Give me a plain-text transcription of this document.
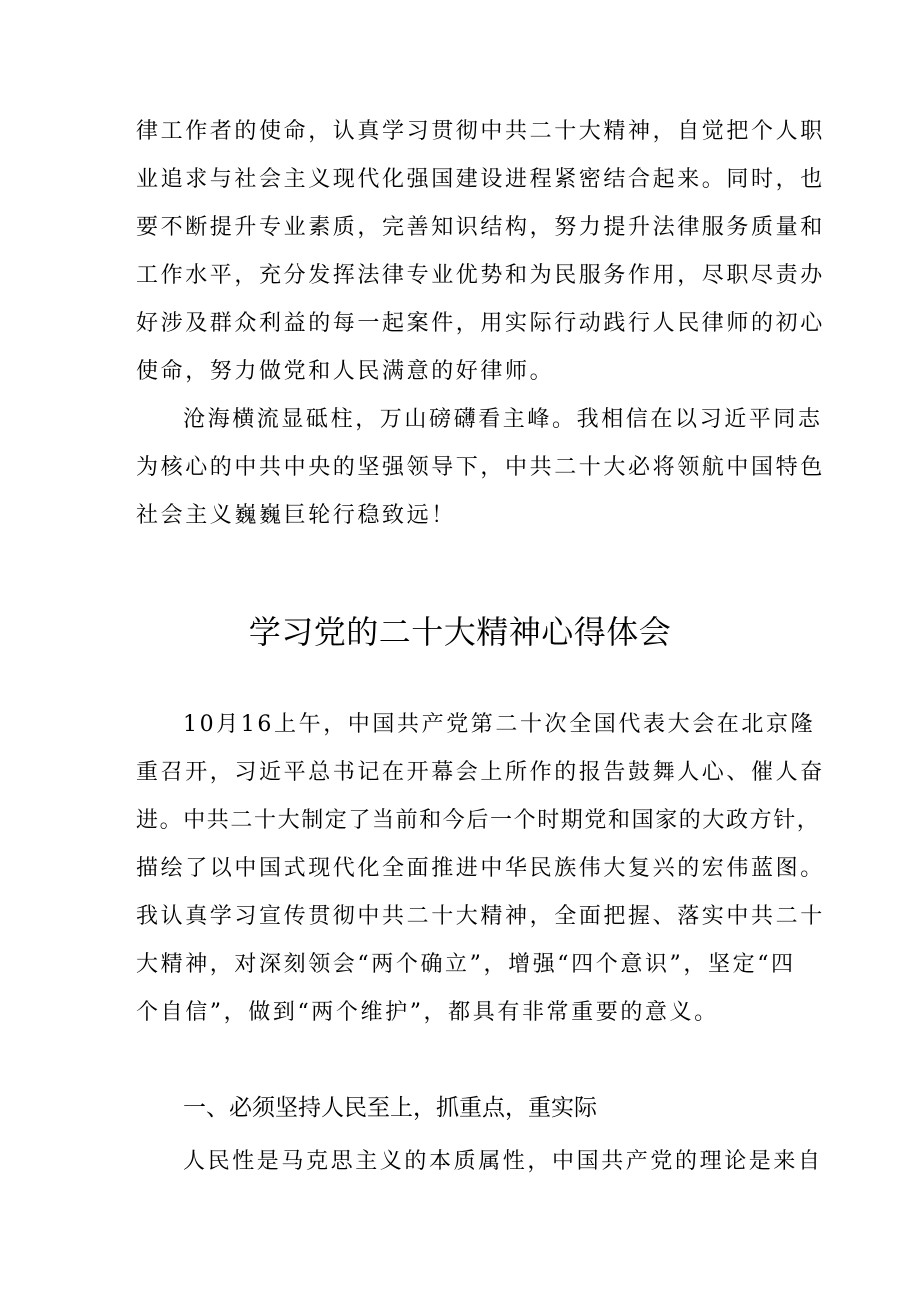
律工作者的使命，认真学习贯彻中共二十大精神，自觉把个人职
业追求与社会主义现代化强国建设进程紧密结合起来。同时，也
要不断提升专业素质，完善知识结构，努力提升法律服务质量和
工作水平，充分发挥法律专业优势和为民服务作用，尽职尽责办
好涉及群众利益的每一起案件，用实际行动践行人民律师的初心
使命，努力做党和人民满意的好律师。
沧海横流显砥柱，万山磅礴看主峰。我相信在以习近平同志
为核心的中共中央的坚强领导下，中共二十大必将领航中国特色
社会主义巍巍巨轮行稳致远！
学习党的二十大精神心得体会
10月16上午，中国共产党第二十次全国代表大会在北京隆
重召开，习近平总书记在开幕会上所作的报告鼓舞人心、催人奋
进。中共二十大制定了当前和今后一个时期党和国家的大政方针，
描绘了以中国式现代化全面推进中华民族伟大复兴的宏伟蓝图。
我认真学习宣传贯彻中共二十大精神，全面把握、落实中共二十
大精神，对深刻领会“两个确立”，增强“四个意识”，坚定“四
个自信”，做到“两个维护”，都具有非常重要的意义。
一、必须坚持人民至上，抓重点，重实际
人民性是马克思主义的本质属性，中国共产党的理论是来自
